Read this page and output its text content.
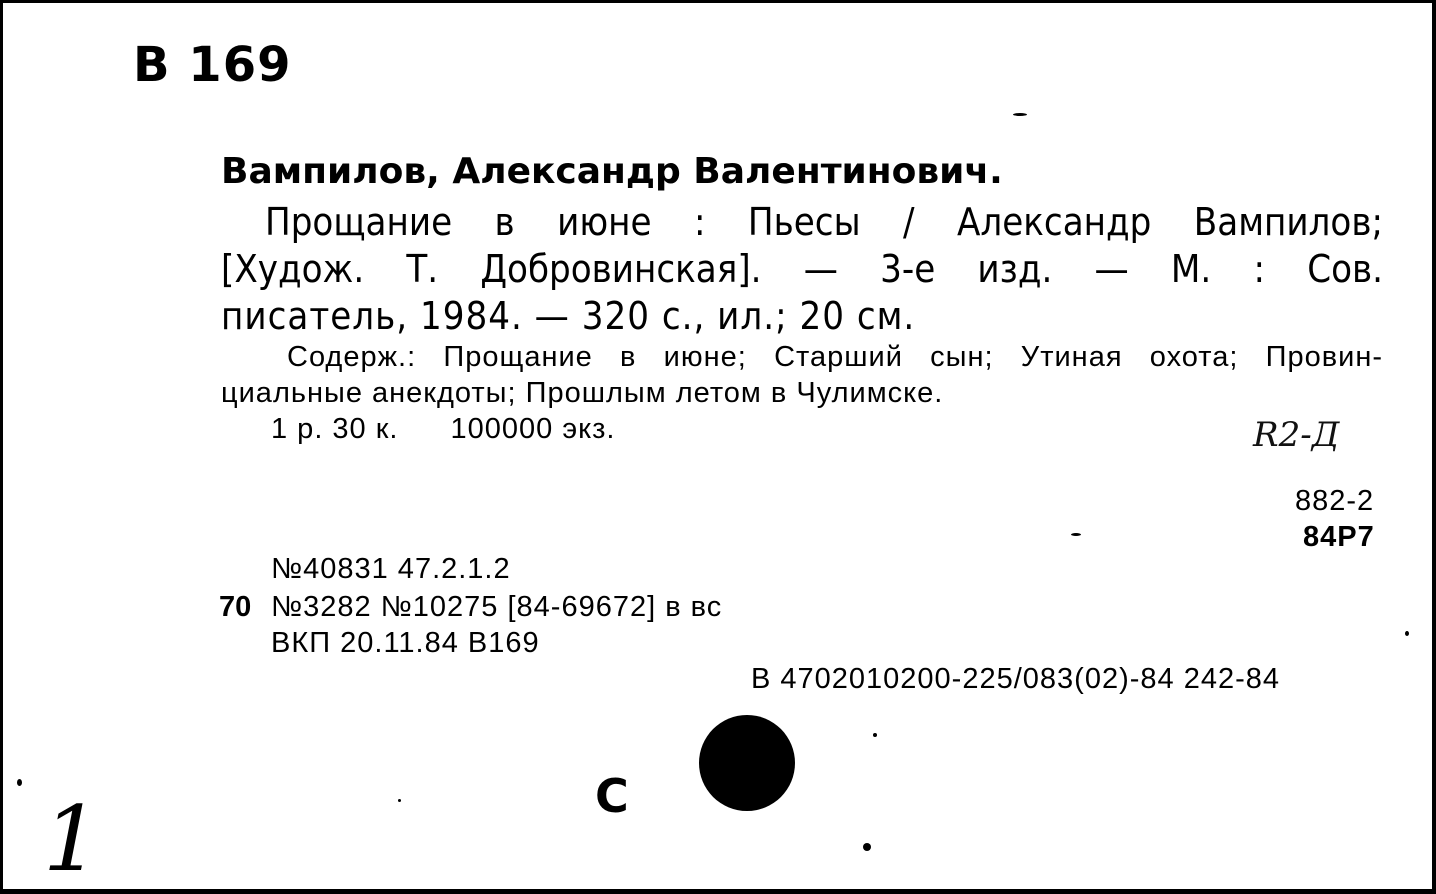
В 169
Вампилов, Александр Валентинович.
Прощание в июне : Пьесы / Александр Вампилов;
[Худож. Т. Добровинская]. — 3-е изд. — М. : Сов.
писатель, 1984. — 320 с., ил.; 20 см.
Содерж.: Прощание в июне; Старший сын; Утиная охота; Провин-
циальные анекдоты; Прошлым летом в Чулимске.
1 р. 30 к. 100000 экз.	R2-Д
882-2
84Р7
№40831 47.2.1.2
70 №3282 №10275 [84-69672] в вс
ВКП 20.11.84 В169
В 4702010200-225/083(02)-84 242-84
С
1
